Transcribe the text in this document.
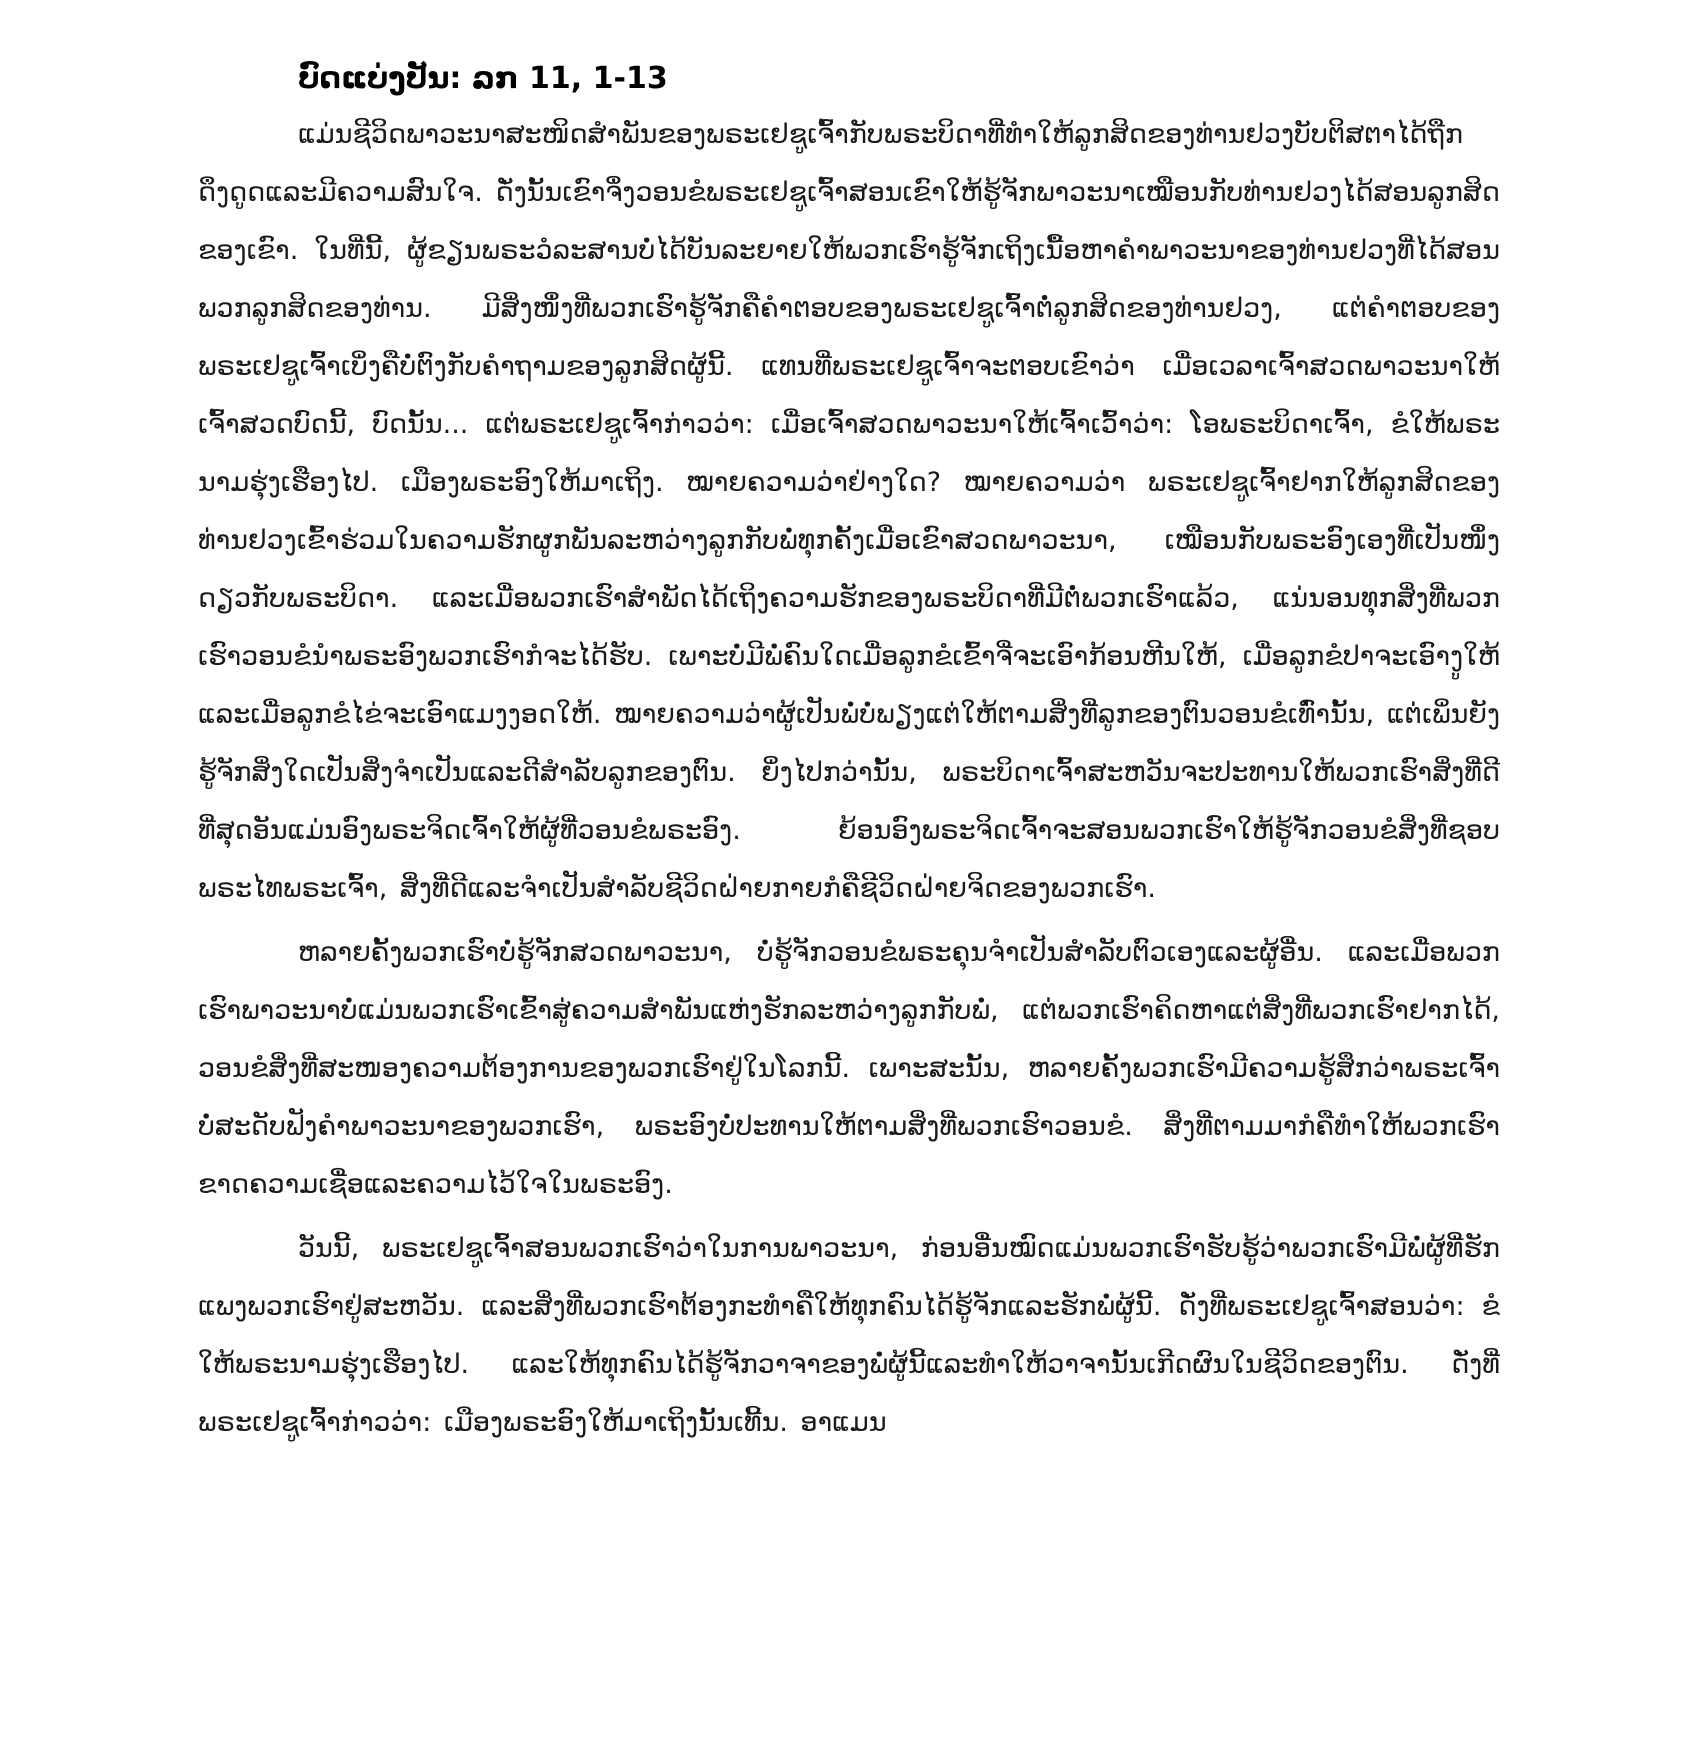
ບົດແບ່ງປັນ: ລກ 11, 1-13

ແມ່ນຊີວິດພາວະນາສະໜິດສຳພັນຂອງພຣະເຢຊູເຈົ້າກັບພຣະບິດາທີ່ທຳໃຫ້ລູກສິດຂອງທ່ານຢວງບັບຕິສຕາໄດ້ຖືກດຶງດູດແລະມີຄວາມສົນໃຈ. ດັ່ງນັ້ນເຂົາຈຶ່ງວອນຂໍພຣະເຢຊູເຈົ້າສອນເຂົາໃຫ້ຮູ້ຈັກພາວະນາເໝືອນກັບທ່ານຢວງໄດ້ສອນລູກສິດຂອງເຂົາ. ໃນທີ່ນີ້, ຜູ້ຂຽນພຣະວໍລະສານບໍ່ໄດ້ບັນລະຍາຍໃຫ້ພວກເຮົາຮູ້ຈັກເຖິງເນື້ອຫາຄຳພາວະນາຂອງທ່ານຢວງທີ່ໄດ້ສອນພວກລູກສິດຂອງທ່ານ. ມີສິ່ງໜຶ່ງທີ່ພວກເຮົາຮູ້ຈັກຄືຄຳຕອບຂອງພຣະເຢຊູເຈົ້າຕໍ່ລູກສິດຂອງທ່ານຢວງ, ແຕ່ຄຳຕອບຂອງພຣະເຢຊູເຈົ້າເບິ່ງຄືບໍ່ຕົງກັບຄຳຖາມຂອງລູກສິດຜູ້ນີ້. ແທນທີ່ພຣະເຢຊູເຈົ້າຈະຕອບເຂົາວ່າ ເມື່ອເວລາເຈົ້າສວດພາວະນາໃຫ້ເຈົ້າສວດບົດນີ້, ບົດນັ້ນ... ແຕ່ພຣະເຢຊູເຈົ້າກ່າວວ່າ: ເມື່ອເຈົ້າສວດພາວະນາໃຫ້ເຈົ້າເວົ້າວ່າ: ໂອພຣະບິດາເຈົ້າ, ຂໍໃຫ້ພຣະນາມຮຸ່ງເຮືອງໄປ. ເມືອງພຣະອົງໃຫ້ມາເຖິງ. ໝາຍຄວາມວ່າຢ່າງໃດ? ໝາຍຄວາມວ່າ ພຣະເຢຊູເຈົ້າຢາກໃຫ້ລູກສິດຂອງທ່ານຢວງເຂົ້າຮ່ວມໃນຄວາມຮັກຜູກພັນລະຫວ່າງລູກກັບພໍ່ທຸກຄັ້ງເມື່ອເຂົາສວດພາວະນາ, ເໝືອນກັບພຣະອົງເອງທີ່ເປັນໜຶ່ງດຽວກັບພຣະບິດາ. ແລະເມື່ອພວກເຮົາສຳພັດໄດ້ເຖິງຄວາມຮັກຂອງພຣະບິດາທີ່ມີຕໍ່ພວກເຮົາແລ້ວ, ແນ່ນອນທຸກສິ່ງທີ່ພວກເຮົາວອນຂໍນຳພຣະອົງພວກເຮົາກໍຈະໄດ້ຮັບ. ເພາະບໍ່ມີພໍ່ຄົນໃດເມື່ອລູກຂໍເຂົ້າຈີ່ຈະເອົາກ້ອນຫີນໃຫ້, ເມື່ອລູກຂໍປາຈະເອົາງູໃຫ້ ແລະເມື່ອລູກຂໍໄຂ່ຈະເອົາແມງງອດໃຫ້. ໝາຍຄວາມວ່າຜູ້ເປັນພໍ່ບໍ່ພຽງແຕ່ໃຫ້ຕາມສິ່ງທີ່ລູກຂອງຕົນວອນຂໍເທົ່ານັ້ນ, ແຕ່ເພິ່ນຍັງຮູ້ຈັກສິ່ງໃດເປັນສິ່ງຈຳເປັນແລະດີສຳລັບລູກຂອງຕົນ. ຍິ່ງໄປກວ່ານັ້ນ, ພຣະບິດາເຈົ້າສະຫວັນຈະປະທານໃຫ້ພວກເຮົາສິ່ງທີ່ດີທີ່ສຸດອັນແມ່ນອົງພຣະຈິດເຈົ້າໃຫ້ຜູ້ທີ່ວອນຂໍພຣະອົງ. ຍ້ອນອົງພຣະຈິດເຈົ້າຈະສອນພວກເຮົາໃຫ້ຮູ້ຈັກວອນຂໍສິ່ງທີ່ຊອບພຣະໄທພຣະເຈົ້າ, ສິ່ງທີ່ດີແລະຈຳເປັນສຳລັບຊີວິດຝ່າຍກາຍກໍຄືຊີວິດຝ່າຍຈິດຂອງພວກເຮົາ.

ຫລາຍຄັ້ງພວກເຮົາບໍ່ຮູ້ຈັກສວດພາວະນາ, ບໍ່ຮູ້ຈັກວອນຂໍພຣະຄຸນຈຳເປັນສຳລັບຕົວເອງແລະຜູ້ອື່ນ. ແລະເມື່ອພວກເຮົາພາວະນາບໍ່ແມ່ນພວກເຮົາເຂົ້າສູ່ຄວາມສຳພັນແຫ່ງຮັກລະຫວ່າງລູກກັບພໍ່, ແຕ່ພວກເຮົາຄິດຫາແຕ່ສິ່ງທີ່ພວກເຮົາຢາກໄດ້, ວອນຂໍສິ່ງທີ່ສະໜອງຄວາມຕ້ອງການຂອງພວກເຮົາຢູ່ໃນໂລກນີ້. ເພາະສະນັ້ນ, ຫລາຍຄັ້ງພວກເຮົາມີຄວາມຮູ້ສຶກວ່າພຣະເຈົ້າບໍ່ສະດັບຟັງຄຳພາວະນາຂອງພວກເຮົາ, ພຣະອົງບໍ່ປະທານໃຫ້ຕາມສິ່ງທີ່ພວກເຮົາວອນຂໍ. ສິ່ງທີ່ຕາມມາກໍຄືທຳໃຫ້ພວກເຮົາຂາດຄວາມເຊື່ອແລະຄວາມໄວ້ໃຈໃນພຣະອົງ.

ວັນນີ້, ພຣະເຢຊູເຈົ້າສອນພວກເຮົາວ່າໃນການພາວະນາ, ກ່ອນອື່ນໝົດແມ່ນພວກເຮົາຮັບຮູ້ວ່າພວກເຮົາມີພໍ່ຜູ້ທີ່ຮັກແພງພວກເຮົາຢູ່ສະຫວັນ. ແລະສິ່ງທີ່ພວກເຮົາຕ້ອງກະທຳຄືໃຫ້ທຸກຄົນໄດ້ຮູ້ຈັກແລະຮັກພໍ່ຜູ້ນີ້. ດັ່ງທີ່ພຣະເຢຊູເຈົ້າສອນວ່າ: ຂໍໃຫ້ພຣະນາມຮຸ່ງເຮືອງໄປ. ແລະໃຫ້ທຸກຄົນໄດ້ຮູ້ຈັກວາຈາຂອງພໍ່ຜູ້ນີ້ແລະທຳໃຫ້ວາຈານັ້ນເກີດຜົນໃນຊີວິດຂອງຕົນ. ດັ່ງທີ່ພຣະເຢຊູເຈົ້າກ່າວວ່າ: ເມືອງພຣະອົງໃຫ້ມາເຖິງນັ້ນເທີ້ນ. ອາແມນ
